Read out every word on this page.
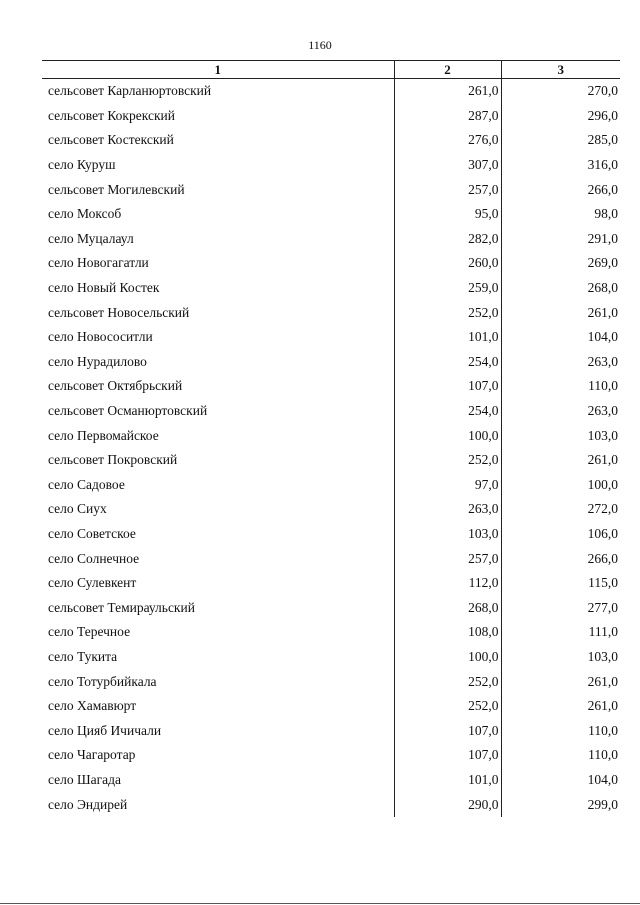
1160
1	2	3
сельсовет Карланюртовский	261,0	270,0
сельсовет Кокрекский	287,0	296,0
сельсовет Костекский	276,0	285,0
село Куруш	307,0	316,0
сельсовет Могилевский	257,0	266,0
село Моксоб	95,0	98,0
село Муцалаул	282,0	291,0
село Новогагатли	260,0	269,0
село Новый Костек	259,0	268,0
сельсовет Новосельский	252,0	261,0
село Новососитли	101,0	104,0
село Нурадилово	254,0	263,0
сельсовет Октябрьский	107,0	110,0
сельсовет Османюртовский	254,0	263,0
село Первомайское	100,0	103,0
сельсовет Покровский	252,0	261,0
село Садовое	97,0	100,0
село Сиух	263,0	272,0
село Советское	103,0	106,0
село Солнечное	257,0	266,0
село Сулевкент	112,0	115,0
сельсовет Темираульский	268,0	277,0
село Теречное	108,0	111,0
село Тукита	100,0	103,0
село Тотурбийкала	252,0	261,0
село Хамавюрт	252,0	261,0
село Цияб Ичичали	107,0	110,0
село Чагаротар	107,0	110,0
село Шагада	101,0	104,0
село Эндирей	290,0	299,0
